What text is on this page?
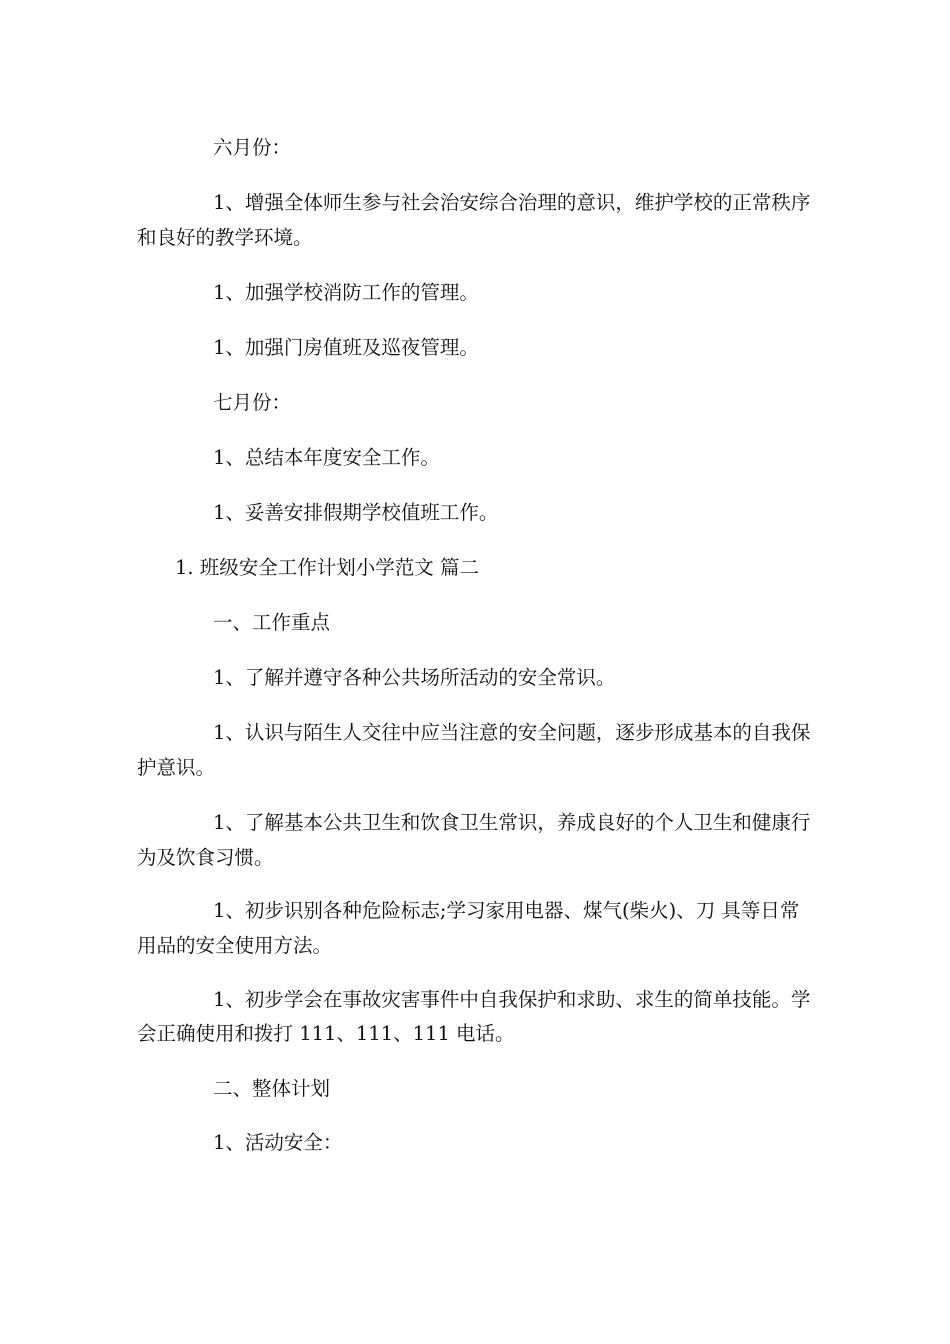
六月份：

1、增强全体师生参与社会治安综合治理的意识，维护学校的正常秩序

和良好的教学环境。

1、加强学校消防工作的管理。

1、加强门房值班及巡夜管理。

七月份：

1、总结本年度安全工作。

1、妥善安排假期学校值班工作。

1. 班级安全工作计划小学范文 篇二

一、工作重点

1、了解并遵守各种公共场所活动的安全常识。

1、认识与陌生人交往中应当注意的安全问题，逐步形成基本的自我保

护意识。

1、了解基本公共卫生和饮食卫生常识，养成良好的个人卫生和健康行

为及饮食习惯。

1、初步识别各种危险标志;学习家用电器、煤气(柴火)、刀 具等日常

用品的安全使用方法。

1、初步学会在事故灾害事件中自我保护和求助、求生的简单技能。学

会正确使用和拨打 111、111、111 电话。

二、整体计划

1、活动安全：
